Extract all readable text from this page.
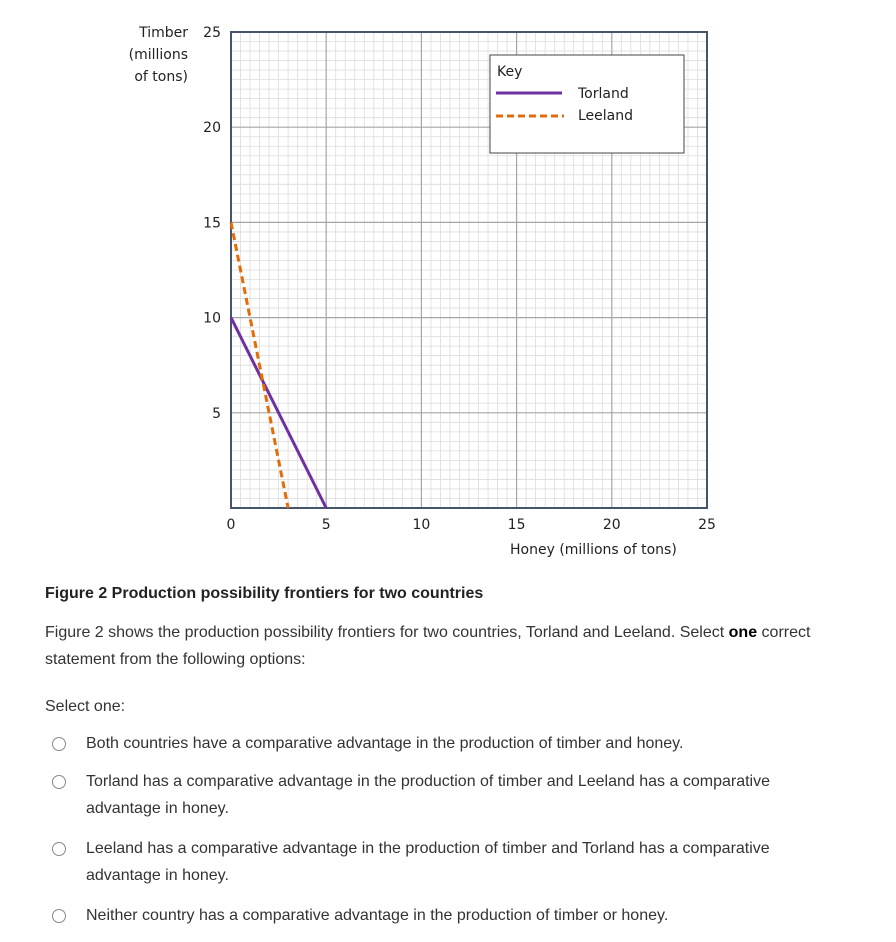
0	5	10	15	20	25
5
10
15
20
25
Key
Torland
Leeland
Timber
(millions
of tons)
Honey (millions of tons)
Figure 2 Production possibility frontiers for two countries
Figure 2 shows the production possibility frontiers for two countries, Torland and Leeland. Select one correct statement from the following options:
Select one:
Both countries have a comparative advantage in the production of timber and honey.
Torland has a comparative advantage in the production of timber and Leeland has a comparative advantage in honey.
Leeland has a comparative advantage in the production of timber and Torland has a comparative advantage in honey.
Neither country has a comparative advantage in the production of timber or honey.
